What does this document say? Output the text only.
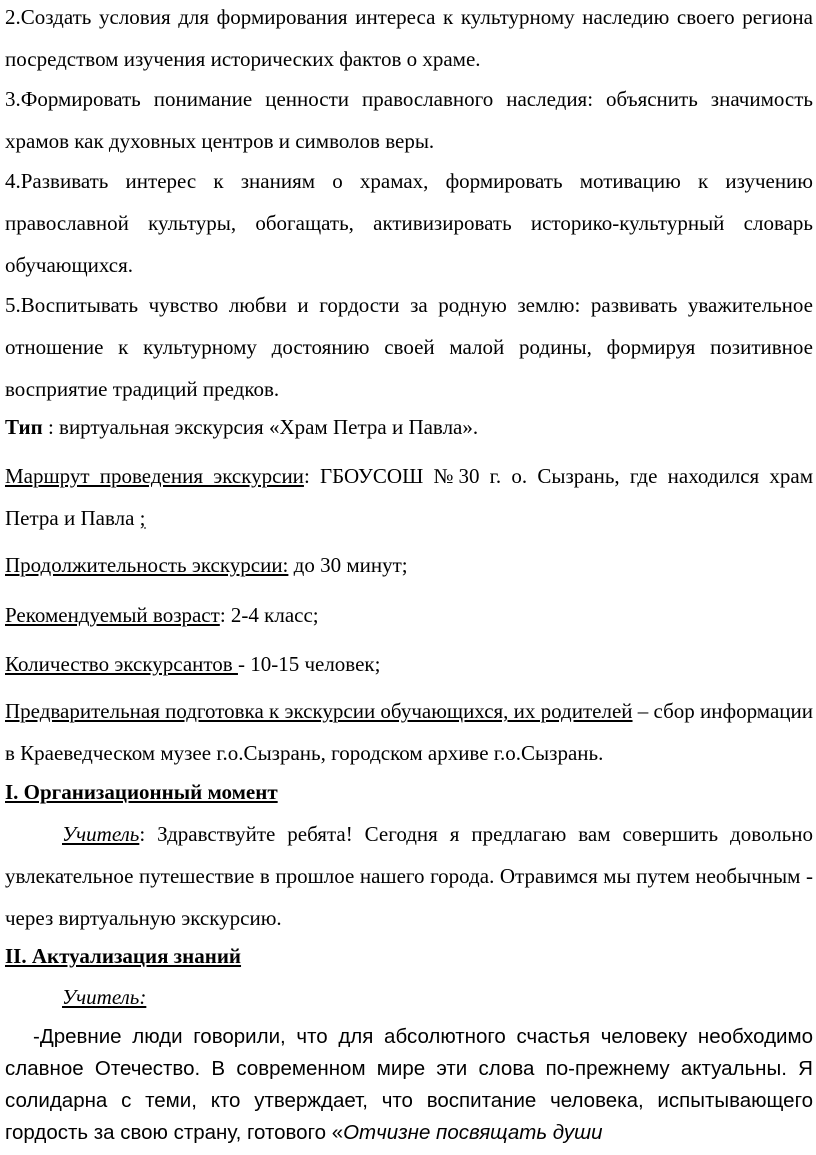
2.Создать условия для формирования интереса к культурному наследию своего региона посредством изучения исторических фактов о храме.

3.Формировать понимание ценности православного наследия: объяснить значимость храмов как духовных центров и символов веры.

4.Развивать интерес к знаниям о храмах, формировать мотивацию к изучению православной культуры, обогащать, активизировать историко-культурный словарь обучающихся.

5.Воспитывать чувство любви и гордости за родную землю: развивать уважительное отношение к культурному достоянию своей малой родины, формируя позитивное восприятие традиций предков.

Тип : виртуальная экскурсия «Храм Петра и Павла».

Маршрут проведения экскурсии: ГБОУСОШ №30 г. о. Сызрань, где находился храм Петра и Павла ;

Продолжительность экскурсии: до 30 минут;

Рекомендуемый возраст: 2-4 класс;

Количество экскурсантов - 10-15 человек;

Предварительная подготовка к экскурсии обучающихся, их родителей – сбор информации в Краеведческом музее г.о.Сызрань, городском архиве г.о.Сызрань.

I. Организационный момент

Учитель: Здравствуйте ребята! Сегодня я предлагаю вам совершить довольно увлекательное путешествие в прошлое нашего города. Отравимся мы путем необычным - через виртуальную экскурсию.

II. Актуализация знаний

Учитель:

-Древние люди говорили, что для абсолютного счастья человеку необходимо славное Отечество. В современном мире эти слова по-прежнему актуальны. Я солидарна с теми, кто утверждает, что воспитание человека, испытывающего гордость за свою страну, готового «Отчизне посвящать души
